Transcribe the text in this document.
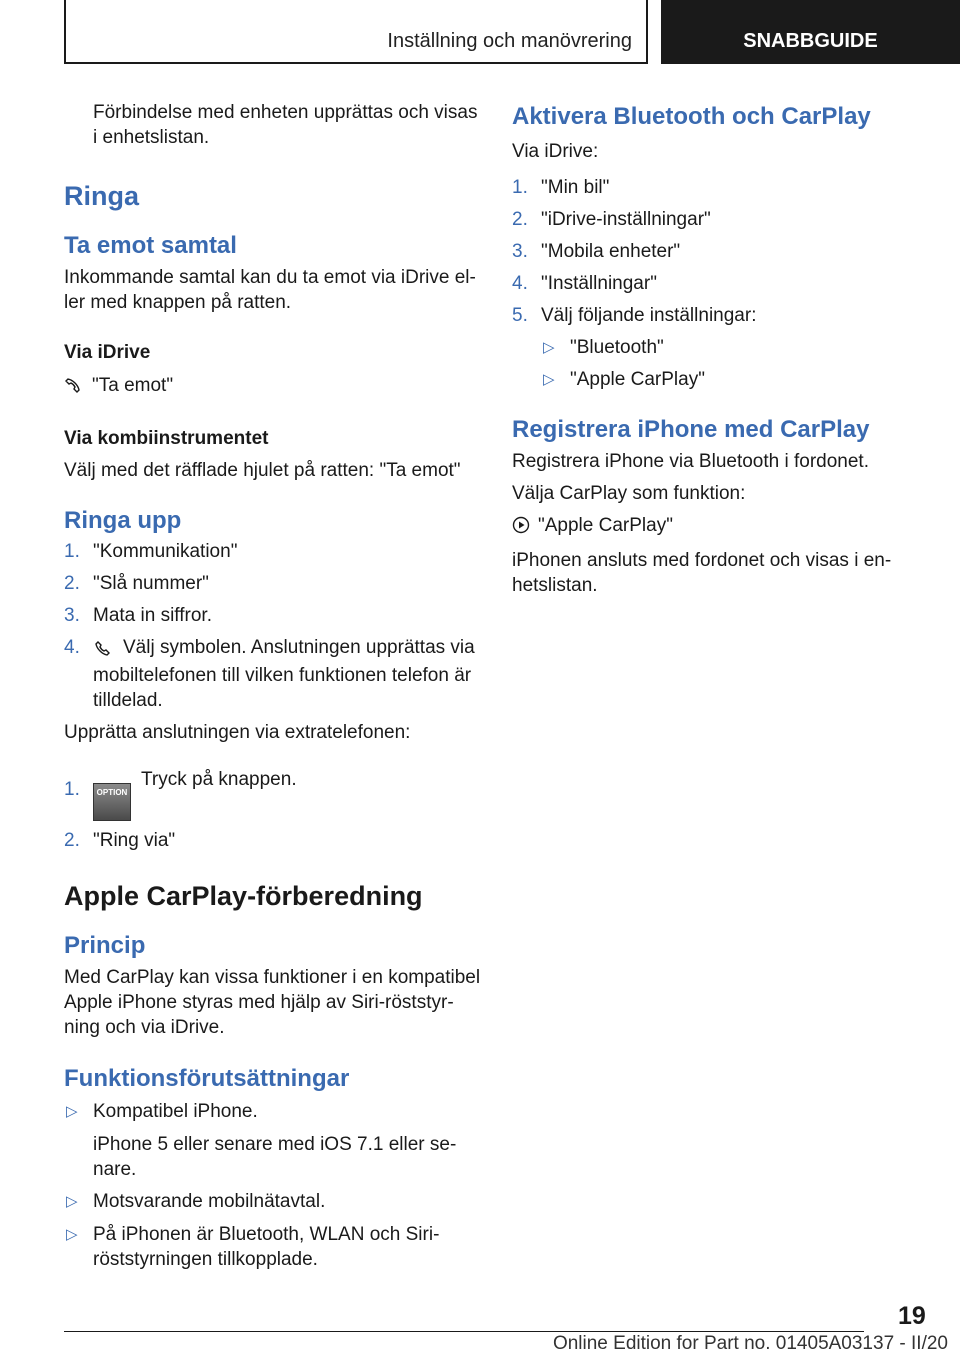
Inställning och manövrering	SNABBGUIDE

Förbindelse med enheten upprättas och visas i enhetslistan.

Ringa
Ta emot samtal

Inkommande samtal kan du ta emot via iDrive eller med knappen på ratten.

Via iDrive

"Ta emot"

Via kombiinstrumentet

Välj med det räfflade hjulet på ratten: "Ta emot"

Ringa upp

1. "Kommunikation"

2. "Slå nummer"

3. Mata in siffror.

4. Välj symbolen. Anslutningen upprättas via mobiltelefonen till vilken funktionen telefon är tilldelad.

Upprätta anslutningen via extratelefonen:

1. OPTIONTryck på knappen.

2. "Ring via"

Apple CarPlay-förberedning
Princip

Med CarPlay kan vissa funktioner i en kompatibel Apple iPhone styras med hjälp av Siri-röststyrning och via iDrive.

Funktionsförutsättningar

▷ Kompatibel iPhone.

iPhone 5 eller senare med iOS 7.1 eller senare.

▷ Motsvarande mobilnätavtal.

▷ På iPhonen är Bluetooth, WLAN och Siri-röststyrningen tillkopplade.

Aktivera Bluetooth och CarPlay

Via iDrive:

1. "Min bil"

2. "iDrive-inställningar"

3. "Mobila enheter"

4. "Inställningar"

5. Välj följande inställningar:

▷ "Bluetooth"

▷ "Apple CarPlay"

Registrera iPhone med CarPlay

Registrera iPhone via Bluetooth i fordonet.

Välja CarPlay som funktion:

"Apple CarPlay"

iPhonen ansluts med fordonet och visas i enhetslistan.

19
Online Edition for Part no. 01405A03137 - II/20
